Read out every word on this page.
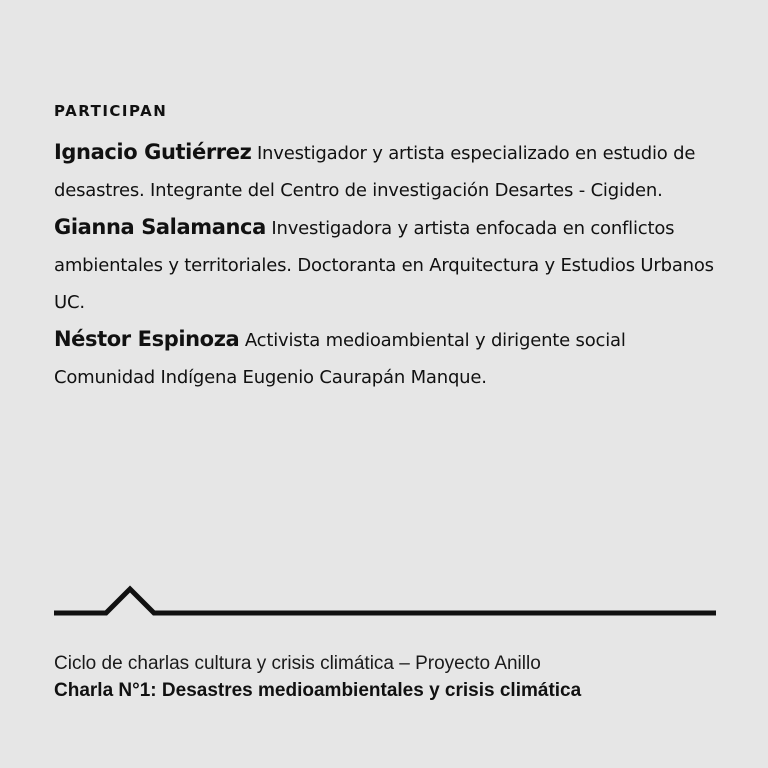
PARTICIPAN
Ignacio Gutiérrez Investigador y artista especializado en estudio de desastres. Integrante del Centro de investigación Desartes - Cigiden.
Gianna Salamanca Investigadora y artista enfocada en conflictos ambientales y territoriales. Doctoranta en Arquitectura y Estudios Urbanos UC.
Néstor Espinoza Activista medioambiental y dirigente social Comunidad Indígena Eugenio Caurapán Manque.
Ciclo de charlas cultura y crisis climática – Proyecto Anillo
Charla N°1: Desastres medioambientales y crisis climática
